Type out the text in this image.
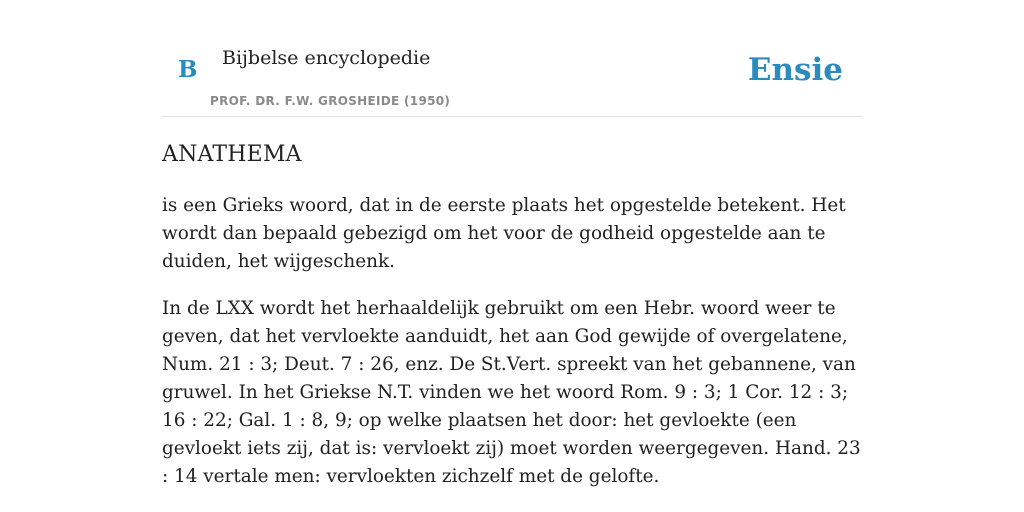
B Bijbelse encyclopedie
PROF. DR. F.W. GROSHEIDE (1950)
Ensie
ANATHEMA

is een Grieks woord, dat in de eerste plaats het opgestelde betekent. Het wordt dan bepaald gebezigd om het voor de godheid opgestelde aan te duiden, het wijgeschenk.

In de LXX wordt het herhaaldelijk gebruikt om een Hebr. woord weer te geven, dat het vervloekte aanduidt, het aan God gewijde of overgelatene, Num. 21 : 3; Deut. 7 : 26, enz. De St.Vert. spreekt van het gebannene, van gruwel. In het Griekse N.T. vinden we het woord Rom. 9 : 3; 1 Cor. 12 : 3; 16 : 22; Gal. 1 : 8, 9; op welke plaatsen het door: het gevloekte (een gevloekt iets zij, dat is: vervloekt zij) moet worden weergegeven. Hand. 23 : 14 vertale men: vervloekten zichzelf met de gelofte.
